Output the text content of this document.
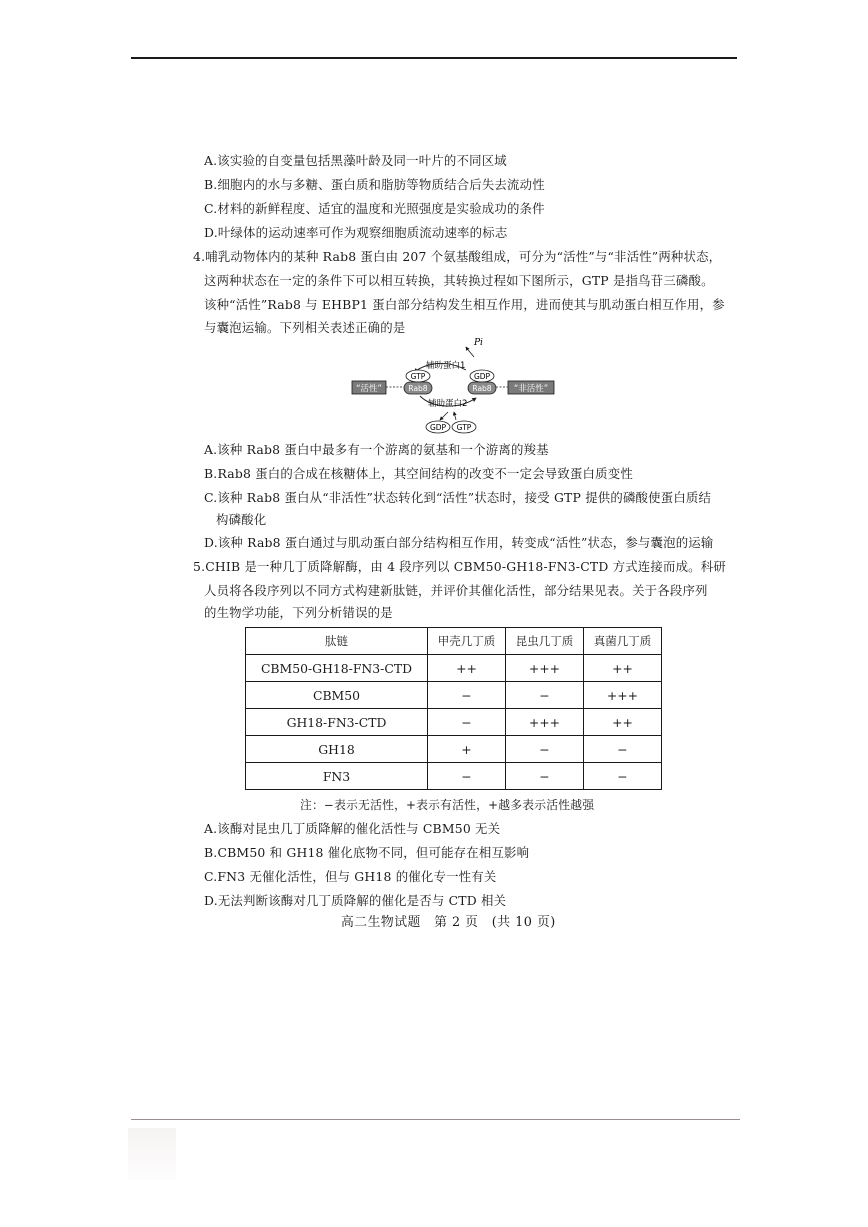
A.该实验的自变量包括黑藻叶龄及同一叶片的不同区域
B.细胞内的水与多糖、蛋白质和脂肪等物质结合后失去流动性
C.材料的新鲜程度、适宜的温度和光照强度是实验成功的条件
D.叶绿体的运动速率可作为观察细胞质流动速率的标志
4.哺乳动物体内的某种 Rab8 蛋白由 207 个氨基酸组成，可分为“活性”与“非活性”两种状态，
这两种状态在一定的条件下可以相互转换，其转换过程如下图所示，GTP 是指鸟苷三磷酸。
该种“活性”Rab8 与 EHBP1 蛋白部分结构发生相互作用，进而使其与肌动蛋白相互作用，参
与囊泡运输。下列相关表述正确的是
Pi
辅助蛋白1
“活性”
GTP
Rab8
GDP
Rab8	“非活性”
辅助蛋白2
GDP GTP
A.该种 Rab8 蛋白中最多有一个游离的氨基和一个游离的羧基
B.Rab8 蛋白的合成在核糖体上，其空间结构的改变不一定会导致蛋白质变性
C.该种 Rab8 蛋白从“非活性”状态转化到“活性”状态时，接受 GTP 提供的磷酸使蛋白质结
构磷酸化
D.该种 Rab8 蛋白通过与肌动蛋白部分结构相互作用，转变成“活性”状态，参与囊泡的运输
5.CHIB 是一种几丁质降解酶，由 4 段序列以 CBM50-GH18-FN3-CTD 方式连接而成。科研
人员将各段序列以不同方式构建新肽链，并评价其催化活性，部分结果见表。关于各段序列
的生物学功能，下列分析错误的是
肽链	甲壳几丁质	昆虫几丁质	真菌几丁质
CBM50-GH18-FN3-CTD	++	+++	++
CBM50	−	−	+++
GH18-FN3-CTD	−	+++	++
GH18	+	−	−
FN3	−	−	−
注：−表示无活性，+表示有活性，+越多表示活性越强
A.该酶对昆虫几丁质降解的催化活性与 CBM50 无关
B.CBM50 和 GH18 催化底物不同，但可能存在相互影响
C.FN3 无催化活性，但与 GH18 的催化专一性有关
D.无法判断该酶对几丁质降解的催化是否与 CTD 相关
高二生物试题　第 2 页　(共 10 页)
